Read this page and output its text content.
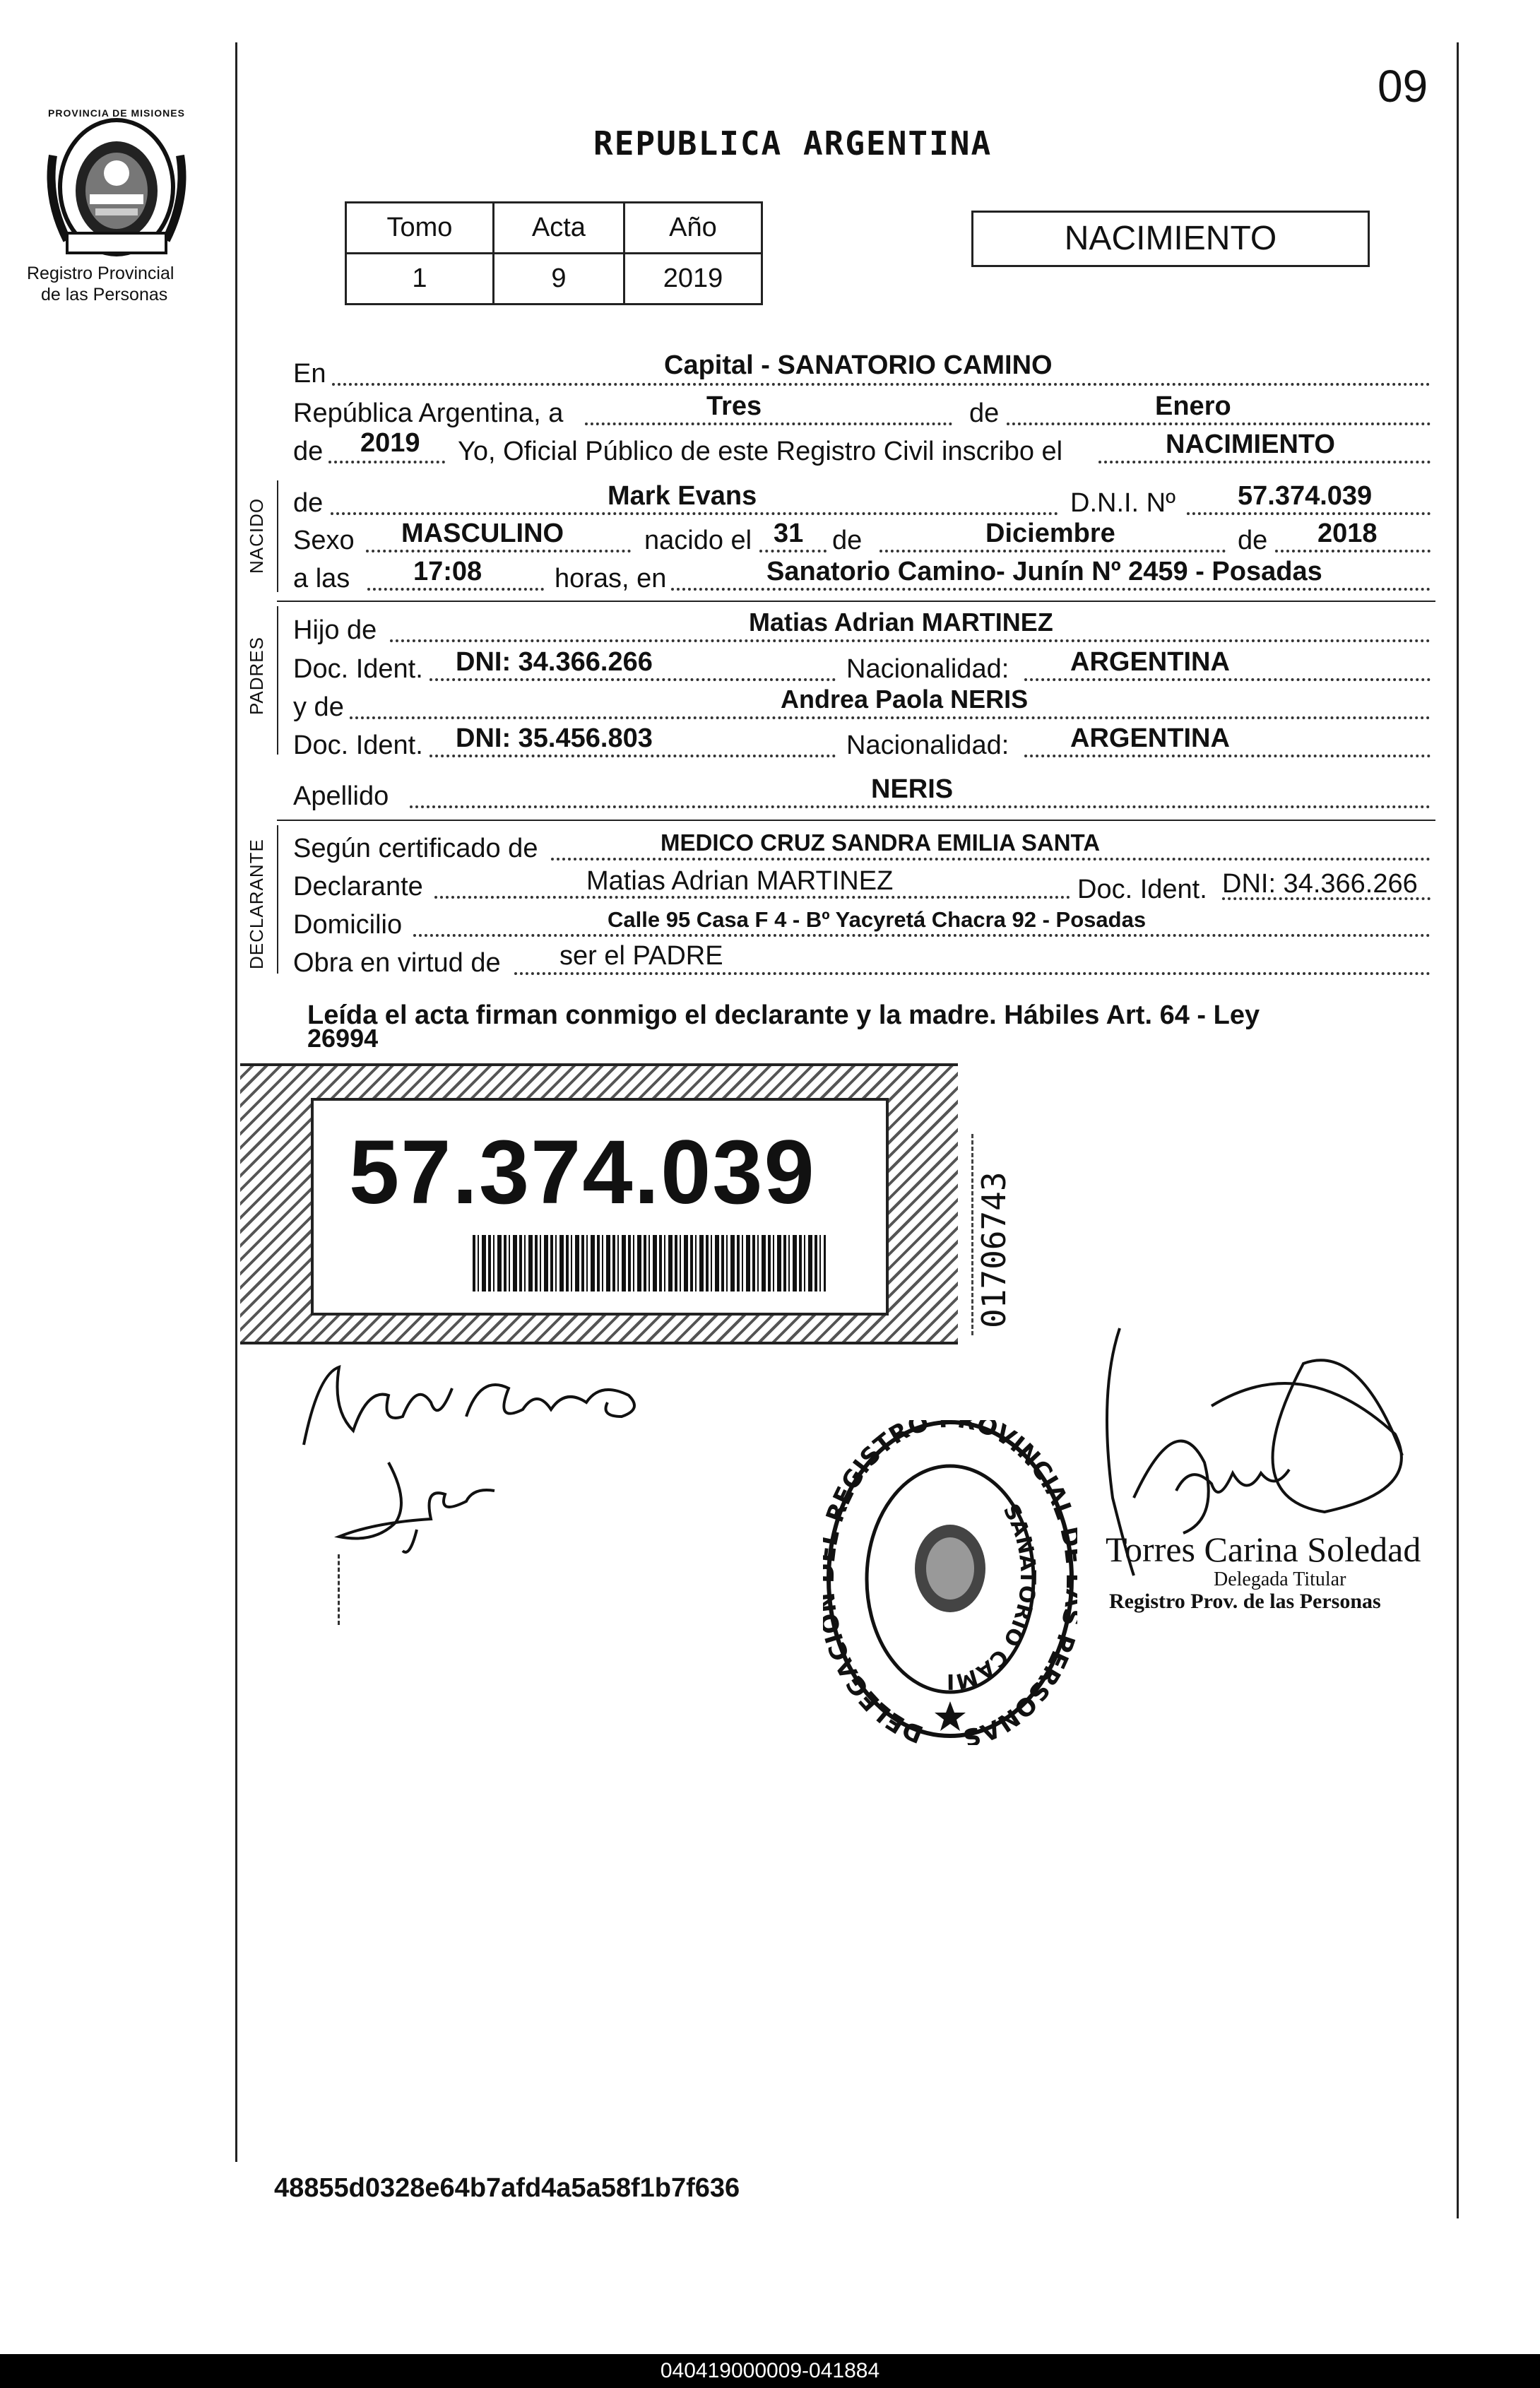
09
PROVINCIA DE MISIONES
Registro Provincial
de las Personas
REPUBLICA ARGENTINA
Tomo	Acta	Año
1	9	2019
NACIMIENTO
En	Capital - SANATORIO CAMINO
República Argentina, a	Tres	de	Enero
de 2019 Yo, Oficial Público de este Registro Civil inscribo el	NACIMIENTO
NACIDO de	Mark Evans	D.N.I. Nº 57.374.039
Sexo MASCULINO	nacido el 31 de	Diciembre	de 2018
a las 17:08	horas, en	Sanatorio Camino- Junín Nº 2459 - Posadas
PADRES
Hijo de	Matias Adrian MARTINEZ
Doc. Ident. DNI: 34.366.266	Nacionalidad: ARGENTINA
y de	Andrea Paola NERIS
Doc. Ident. DNI: 35.456.803	Nacionalidad: ARGENTINA
Apellido	NERIS
DECLARANTE Según certificado de	MEDICO CRUZ SANDRA EMILIA SANTA
Declarante	Matias Adrian MARTINEZ	Doc. Ident. DNI: 34.366.266
Domicilio	Calle 95 Casa F 4 - Bº Yacyretá Chacra 92 - Posadas
Obra en virtud de ser el PADRE
Leída el acta firman conmigo el declarante y la madre. Hábiles Art. 64 - Ley
26994
57.374.039	01706743
DELEGAC REGISTRO ROVINCIAL PERSONAS
SANATORIO CAMI
Torres Carina Soledad
Delegada Titular
Registro Prov. de las Personas
48855d0328e64b7afd4a5a58f1b7f636
040419000009-041884
